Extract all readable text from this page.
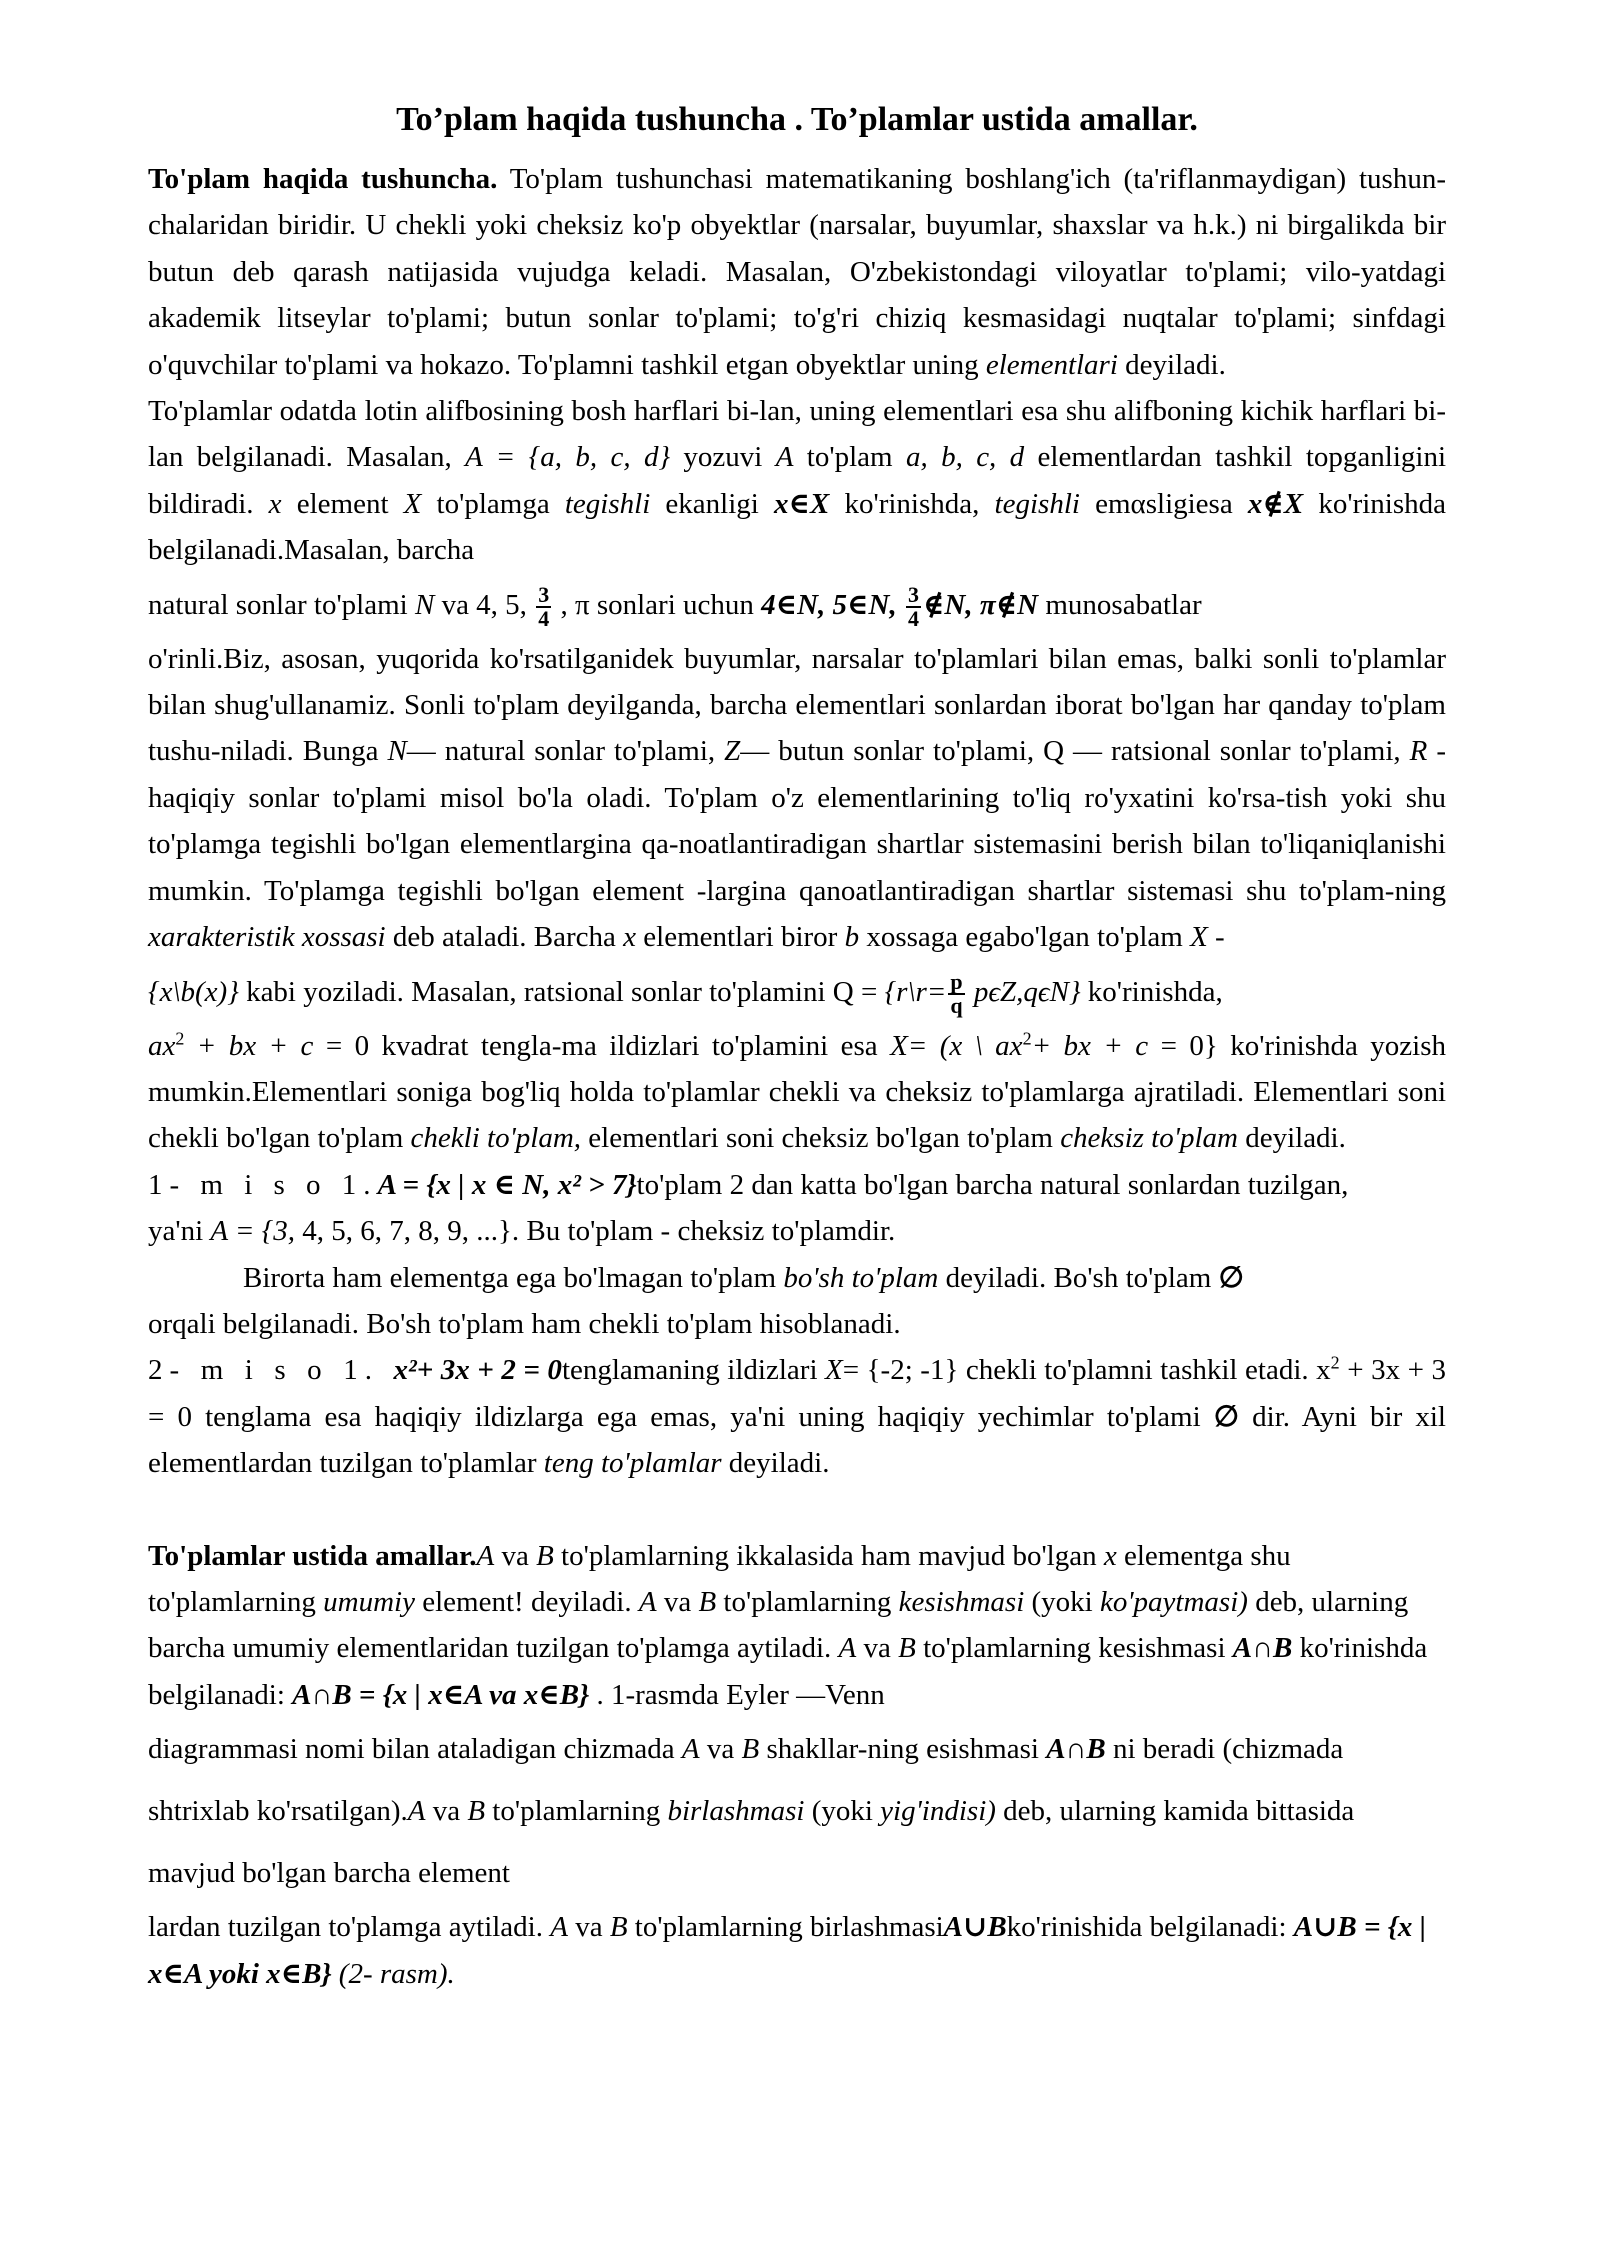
To’plam haqida tushuncha . To’plamlar ustida amallar.

To'plam haqida tushuncha. To'plam tushunchasi matematikaning boshlang'ich (ta'riflanmaydigan) tushun-chalaridan biridir. U chekli yoki cheksiz ko'p obyektlar (narsalar, buyumlar, shaxslar va h.k.) ni birgalikda bir butun deb qarash natijasida vujudga keladi. Masalan, O'zbekistondagi viloyatlar to'plami; vilo-yatdagi akademik litseylar to'plami; butun sonlar to'plami; to'g'ri chiziq kesmasidagi nuqtalar to'plami; sinfdagi o'quvchilar to'plami va hokazo. To'plamni tashkil etgan obyektlar uning elementlari deyiladi.

To'plamlar odatda lotin alifbosining bosh harflari bi-lan, uning elementlari esa shu alifboning kichik harflari bi-lan belgilanadi. Masalan, A = {a, b, c, d} yozuvi A to'plam a, b, c, d elementlardan tashkil topganligini bildiradi. x element X to'plamga tegishli ekanligi x∈X ko'rinishda, tegishli emαsligiesa x∉X ko'rinishda belgilanadi.Masalan, barcha

natural sonlar to'plami N va 4, 5, $\frac{3}{4}$ , π sonlari uchun 4∈N, 5∈N, $\frac{3}{4}$ ∉N, π∉N munosabatlar

o'rinli.Biz, asosan, yuqorida ko'rsatilganidek buyumlar, narsalar to'plamlari bilan emas, balki sonli to'plamlar bilan shug'ullanamiz. Sonli to'plam deyilganda, barcha elementlari sonlardan iborat bo'lgan har qanday to'plam tushu-niladi. Bunga N— natural sonlar to'plami, Z— butun sonlar to'plami, Q — ratsional sonlar to'plami, R - haqiqiy sonlar to'plami misol bo'la oladi. To'plam o'z elementlarining to'liq ro'yxatini ko'rsa-tish yoki shu to'plamga tegishli bo'lgan elementlargina qa-noatlantiradigan shartlar sistemasini berish bilan to'liqaniqlanishi mumkin. To'plamga tegishli bo'lgan element -largina qanoatlantiradigan shartlar sistemasi shu to'plam-ning xarakteristik xossasi deb ataladi. Barcha x elementlari biror b xossaga egabo'lgan to'plam X -

{x\b(x)} kabi yoziladi. Masalan, ratsional sonlar to'plamini Q = {r\r= $\frac{p}{q} p\epsilon Z,q\epsilon N$} ko'rinishda,

$ax^2$ + bx + c = 0 kvadrat tengla-ma ildizlari to'plamini esa X= (x \ $ax^2+$ bx + c = 0} ko'rinishda yozish mumkin.Elementlari soniga bog'liq holda to'plamlar chekli va cheksiz to'plamlarga ajratiladi. Elementlari soni chekli bo'lgan to'plam chekli to'plam, elementlari soni cheksiz bo'lgan to'plam cheksiz to'plam deyiladi.

1- m i s o 1.A = {x | x ∈ N, x² > 7}to'plam 2 dan katta bo'lgan barcha natural sonlardan tuzilgan,
ya'ni A = {3, 4, 5, 6, 7, 8, 9, ...}. Bu to'plam - cheksiz to'plamdir.

Birorta ham elementga ega bo'lmagan to'plam bo'sh to'plam deyiladi. Bo'sh to'plam ∅
orqali belgilanadi. Bo'sh to'plam ham chekli to'plam hisoblanadi.

2- m i s o 1. x²+ 3x + 2 = 0tenglamaning ildizlari X= {-2; -1} chekli to'plamni tashkil etadi. $x^2 + 3x + 3 = 0$ tenglama esa haqiqiy ildizlarga ega emas, ya'ni uning haqiqiy yechimlar to'plami ∅ dir. Ayni bir xil elementlardan tuzilgan to'plamlar teng to'plamlar deyiladi.

To'plamlar ustida amallar.A va B to'plamlarning ikkalasida ham mavjud bo'lgan x elementga shu to'plamlarning umumiy element! deyiladi. A va B to'plamlarning kesishmasi (yoki ko'paytmasi) deb, ularning barcha umumiy elementlaridan tuzilgan to'plamga aytiladi. A va B to'plamlarning kesishmasi A∩B ko'rinishda belgilanadi: A∩B = {x | x∈A va x∈B} . 1-rasmda Eyler —Venn

diagrammasi nomi bilan ataladigan chizmada A va B shakllar-ning esishmasi A∩B ni beradi (chizmada shtrixlab ko'rsatilgan).A va B to'plamlarning birlashmasi (yoki yig'indisi) deb, ularning kamida bittasida mavjud bo'lgan barcha element

lardan tuzilgan to'plamga aytiladi. A va B to'plamlarning birlashmasiA∪Bko'rinishida belgilanadi: A∪B = {x | x∈A yoki x∈B} (2- rasm).
